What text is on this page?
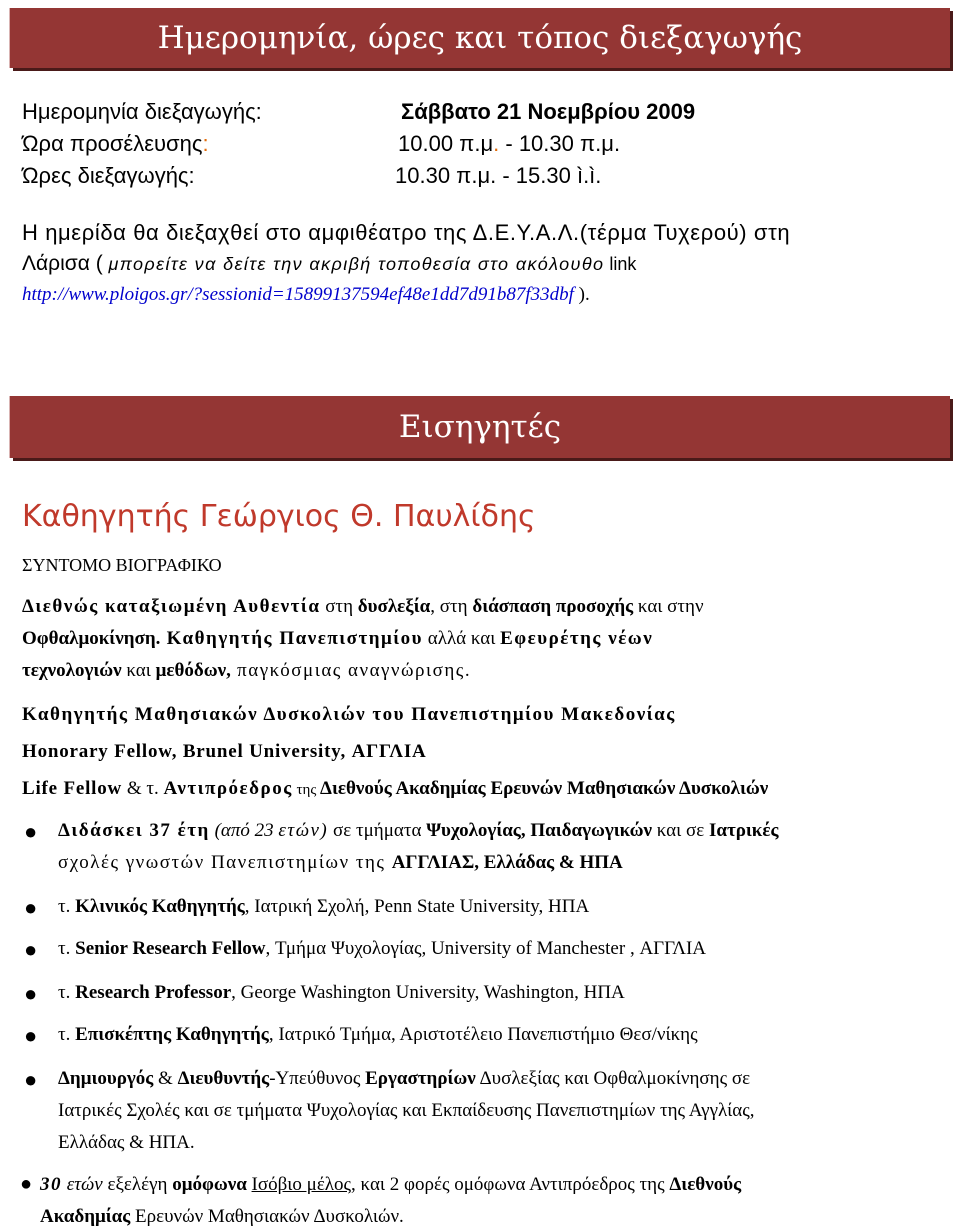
Ημερομηνία, ώρες και τόπος διεξαγωγής
Ημερομηνία διεξαγωγής:	Σάββατο 21 Νοεμβρίου 2009
Ώρα προσέλευσης:	10.00 π.μ. - 10.30 π.μ.
Ώρες διεξαγωγής:	10.30 π.μ. - 15.30 ì.ì.
Η ημερίδα θα διεξαχθεί στο αμφιθέατρο της Δ.Ε.Υ.Α.Λ.(τέρμα Τυχερού) στη
Λάρισα ( μπορείτε να δείτε την ακριβή τοποθεσία στο ακόλουθο link
http://www.ploigos.gr/?sessionid=15899137594ef48e1dd7d91b87f33dbf ).
Εισηγητές
Καθηγητής Γεώργιος Θ. Παυλίδης
ΣΥΝΤΟΜΟ ΒΙΟΓΡΑΦΙΚΟ
Διεθνώς καταξιωμένη Αυθεντία στη δυσλεξία, στη διάσπαση προσοχής και στην
Οφθαλμοκίνηση. Καθηγητής Πανεπιστημίου αλλά και Εφευρέτης νέων
τεχνολογιών και μεθόδων, παγκόσμιας αναγνώρισης.
Καθηγητής Μαθησιακών Δυσκολιών του Πανεπιστημίου Μακεδονίας
Honorary Fellow, Brunel University, ΑΓΓΛΙΑ
Life Fellow & τ. Αντιπρόεδρος της Διεθνούς Ακαδημίας Ερευνών Μαθησιακών Δυσκολιών
● Διδάσκει 37 έτη (από 23 ετών) σε τμήματα Ψυχολογίας, Παιδαγωγικών και σε Ιατρικές
σχολές γνωστών Πανεπιστημίων της ΑΓΓΛΙΑΣ, Ελλάδας & ΗΠΑ
● τ. Κλινικός Καθηγητής, Ιατρική Σχολή, Penn State University, ΗΠΑ
● τ. Senior Research Fellow, Τμήμα Ψυχολογίας, University of Manchester , ΑΓΓΛΙΑ
● τ. Research Professor, George Washington University, Washington, ΗΠΑ
● τ. Επισκέπτης Καθηγητής, Ιατρικό Τμήμα, Αριστοτέλειο Πανεπιστήμιο Θεσ/νίκης
● Δημιουργός & Διευθυντής-Υπεύθυνος Εργαστηρίων Δυσλεξίας και Οφθαλμοκίνησης σε
Ιατρικές Σχολές και σε τμήματα Ψυχολογίας και Εκπαίδευσης Πανεπιστημίων της Αγγλίας,
Ελλάδας & ΗΠΑ.
● 30 ετών εξελέγη ομόφωνα Ισόβιο μέλος, και 2 φορές ομόφωνα Αντιπρόεδρος της Διεθνούς
Ακαδημίας Ερευνών Μαθησιακών Δυσκολιών.
